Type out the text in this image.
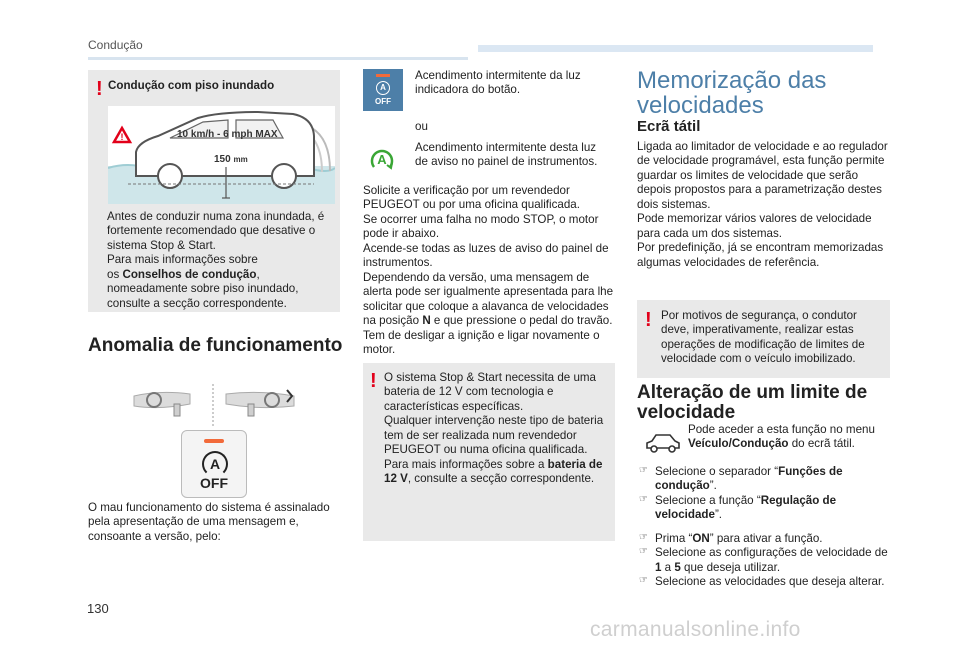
Condução
! Condução com piso inundado
!	10 km/h - 6 mph MAX
150 mm

Antes de conduzir numa zona inundada, é fortemente recomendado que desative o sistema Stop & Start.

Para mais informações sobre

os Conselhos de condução,

nomeadamente sobre piso inundado, consulte a secção correspondente.

Anomalia de funcionamento
A
OFF
O mau funcionamento do sistema é assinalado pela apresentação de uma mensagem e, consoante a versão, pelo:
A
OFF
Acendimento intermitente da luz indicadora do botão.
ou
A
Acendimento intermitente desta luz de aviso no painel de instrumentos.

Solicite a verificação por um revendedor PEUGEOT ou por uma oficina qualificada.

Se ocorrer uma falha no modo STOP, o motor pode ir abaixo.

Acende-se todas as luzes de aviso do painel de instrumentos.

Dependendo da versão, uma mensagem de alerta pode ser igualmente apresentada para lhe solicitar que coloque a alavanca de velocidades na posição N e que pressione o pedal do travão.

Tem de desligar a ignição e ligar novamente o motor.

! O sistema Stop & Start necessita de uma bateria de 12 V com tecnologia e características específicas.

Qualquer intervenção neste tipo de bateria tem de ser realizada num revendedor PEUGEOT ou numa oficina qualificada.

Para mais informações sobre a bateria de 12 V, consulte a secção correspondente.

Memorização das
velocidades
Ecrã tátil

Ligada ao limitador de velocidade e ao regulador de velocidade programável, esta função permite guardar os limites de velocidade que serão depois propostos para a parametrização destes dois sistemas.

Pode memorizar vários valores de velocidade para cada um dos sistemas.

Por predefinição, já se encontram memorizadas algumas velocidades de referência.

! Por motivos de segurança, o condutor deve, imperativamente, realizar estas operações de modificação de limites de velocidade com o veículo imobilizado.
Alteração de um limite de
velocidade
Pode aceder a esta função no menu Veículo/Condução do ecrã tátil.
☞ Selecione o separador “Funções de condução”.
☞ Selecione a função “Regulação de velocidade”.
☞ Prima “ON” para ativar a função.
☞ Selecione as configurações de velocidade de 1 a 5 que deseja utilizar.
☞ Selecione as velocidades que deseja alterar.
130
carmanualsonline.info
